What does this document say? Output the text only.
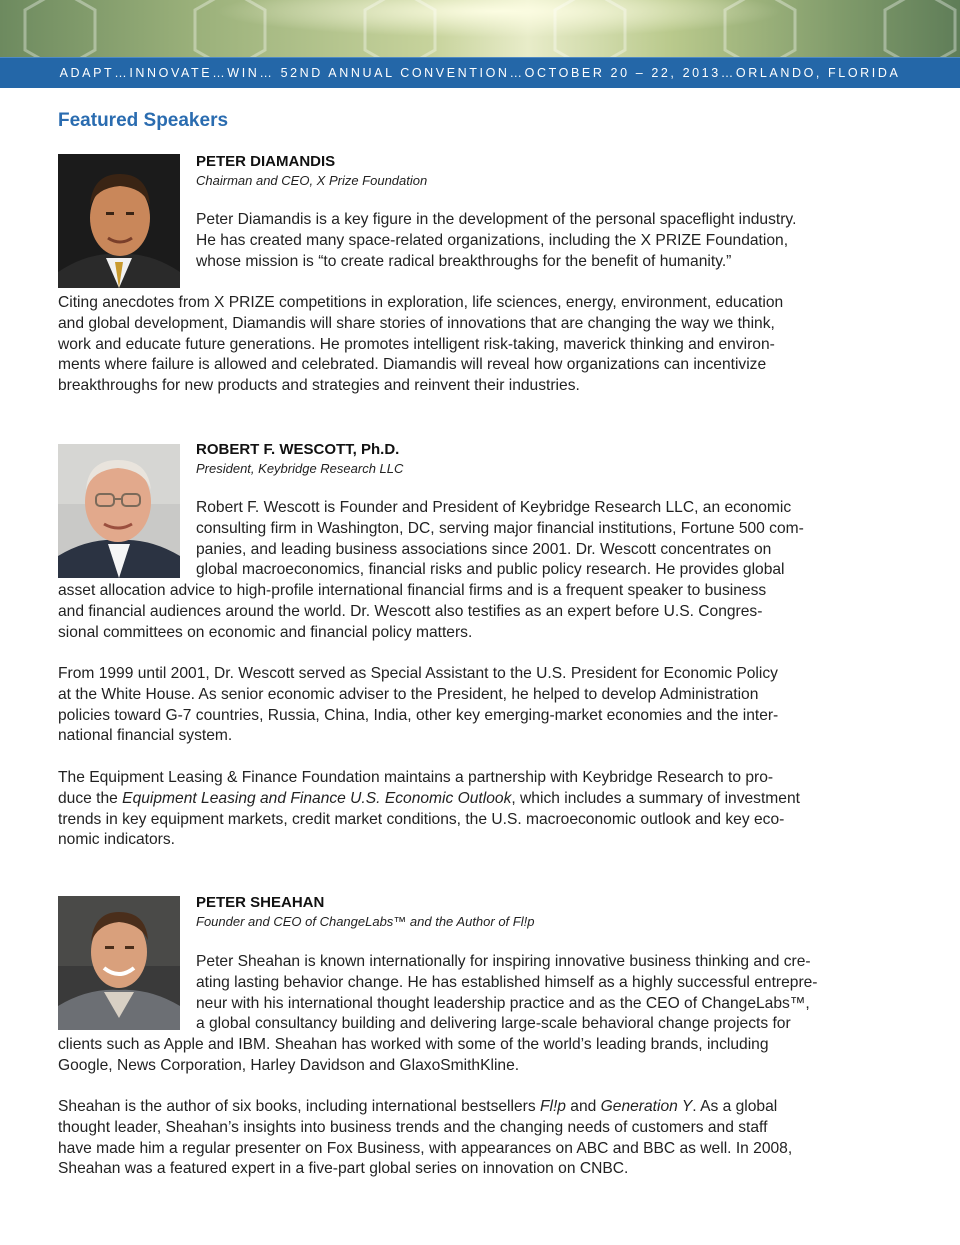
ADAPT…INNOVATE…WIN… 52ND ANNUAL CONVENTION…OCTOBER 20 – 22, 2013…ORLANDO, FLORIDA
Featured Speakers
PETER DIAMANDIS

Chairman and CEO, X Prize Foundation

Peter Diamandis is a key figure in the development of the personal spaceflight industry.
He has created many space-related organizations, including the X PRIZE Foundation,
whose mission is “to create radical breakthroughs for the benefit of humanity.”

Citing anecdotes from X PRIZE competitions in exploration, life sciences, energy, environment, education
and global development, Diamandis will share stories of innovations that are changing the way we think,
work and educate future generations. He promotes intelligent risk-taking, maverick thinking and environ-
ments where failure is allowed and celebrated. Diamandis will reveal how organizations can incentivize
breakthroughs for new products and strategies and reinvent their industries.

ROBERT F. WESCOTT, Ph.D.

President, Keybridge Research LLC

Robert F. Wescott is Founder and President of Keybridge Research LLC, an economic
consulting firm in Washington, DC, serving major financial institutions, Fortune 500 com-
panies, and leading business associations since 2001. Dr. Wescott concentrates on
global macroeconomics, financial risks and public policy research. He provides global

asset allocation advice to high-profile international financial firms and is a frequent speaker to business
and financial audiences around the world. Dr. Wescott also testifies as an expert before U.S. Congres-
sional committees on economic and financial policy matters.

From 1999 until 2001, Dr. Wescott served as Special Assistant to the U.S. President for Economic Policy
at the White House. As senior economic adviser to the President, he helped to develop Administration
policies toward G-7 countries, Russia, China, India, other key emerging-market economies and the inter-
national financial system.

The Equipment Leasing & Finance Foundation maintains a partnership with Keybridge Research to pro-
duce the Equipment Leasing and Finance U.S. Economic Outlook, which includes a summary of investment
trends in key equipment markets, credit market conditions, the U.S. macroeconomic outlook and key eco-
nomic indicators.

PETER SHEAHAN

Founder and CEO of ChangeLabs™ and the Author of Fl!p

Peter Sheahan is known internationally for inspiring innovative business thinking and cre-
ating lasting behavior change. He has established himself as a highly successful entrepre-
neur with his international thought leadership practice and as the CEO of ChangeLabs™,
a global consultancy building and delivering large-scale behavioral change projects for

clients such as Apple and IBM. Sheahan has worked with some of the world’s leading brands, including
Google, News Corporation, Harley Davidson and GlaxoSmithKline.

Sheahan is the author of six books, including international bestsellers Fl!p and Generation Y. As a global
thought leader, Sheahan’s insights into business trends and the changing needs of customers and staff
have made him a regular presenter on Fox Business, with appearances on ABC and BBC as well. In 2008,
Sheahan was a featured expert in a five-part global series on innovation on CNBC.
